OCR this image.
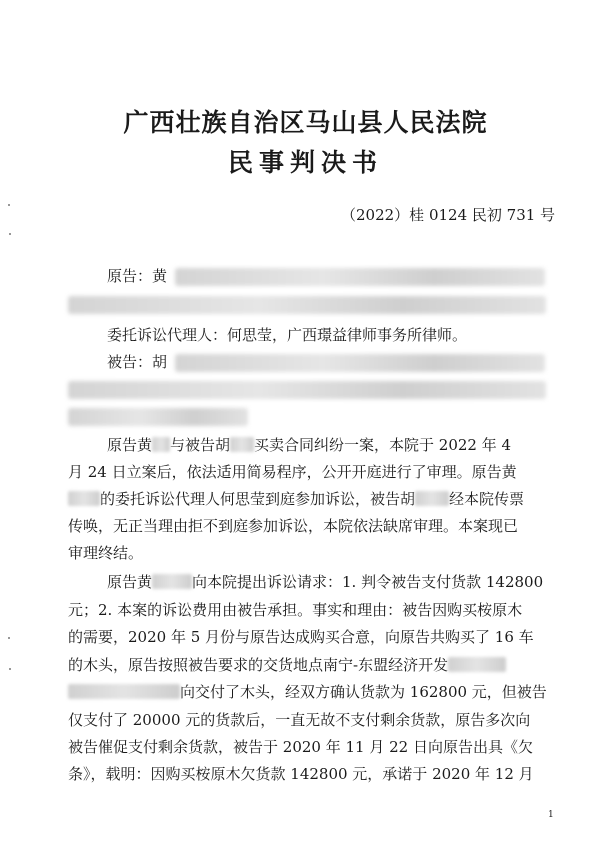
广西壮族自治区马山县人民法院
民事判决书
（2022）桂 0124 民初 731 号
原告：黄
委托诉讼代理人：何思莹，广西璟益律师事务所律师。
被告：胡
原告黄 与被告胡 买卖合同纠纷一案，本院于 2022 年 4
月 24 日立案后，依法适用简易程序，公开开庭进行了审理。原告黄
的委托诉讼代理人何思莹到庭参加诉讼，被告胡 经本院传票
传唤，无正当理由拒不到庭参加诉讼，本院依法缺席审理。本案现已
审理终结。
原告黄	向本院提出诉讼请求：1. 判令被告支付货款 142800
元；2. 本案的诉讼费用由被告承担。事实和理由：被告因购买桉原木
的需要，2020 年 5 月份与原告达成购买合意，向原告共购买了 16 车
的木头，原告按照被告要求的交货地点南宁-东盟经济开发
向交付了木头，经双方确认货款为 162800 元，但被告
仅支付了 20000 元的货款后，一直无故不支付剩余货款，原告多次向
被告催促支付剩余货款，被告于 2020 年 11 月 22 日向原告出具《欠
条》，载明：因购买桉原木欠货款 142800 元，承诺于 2020 年 12 月
1
